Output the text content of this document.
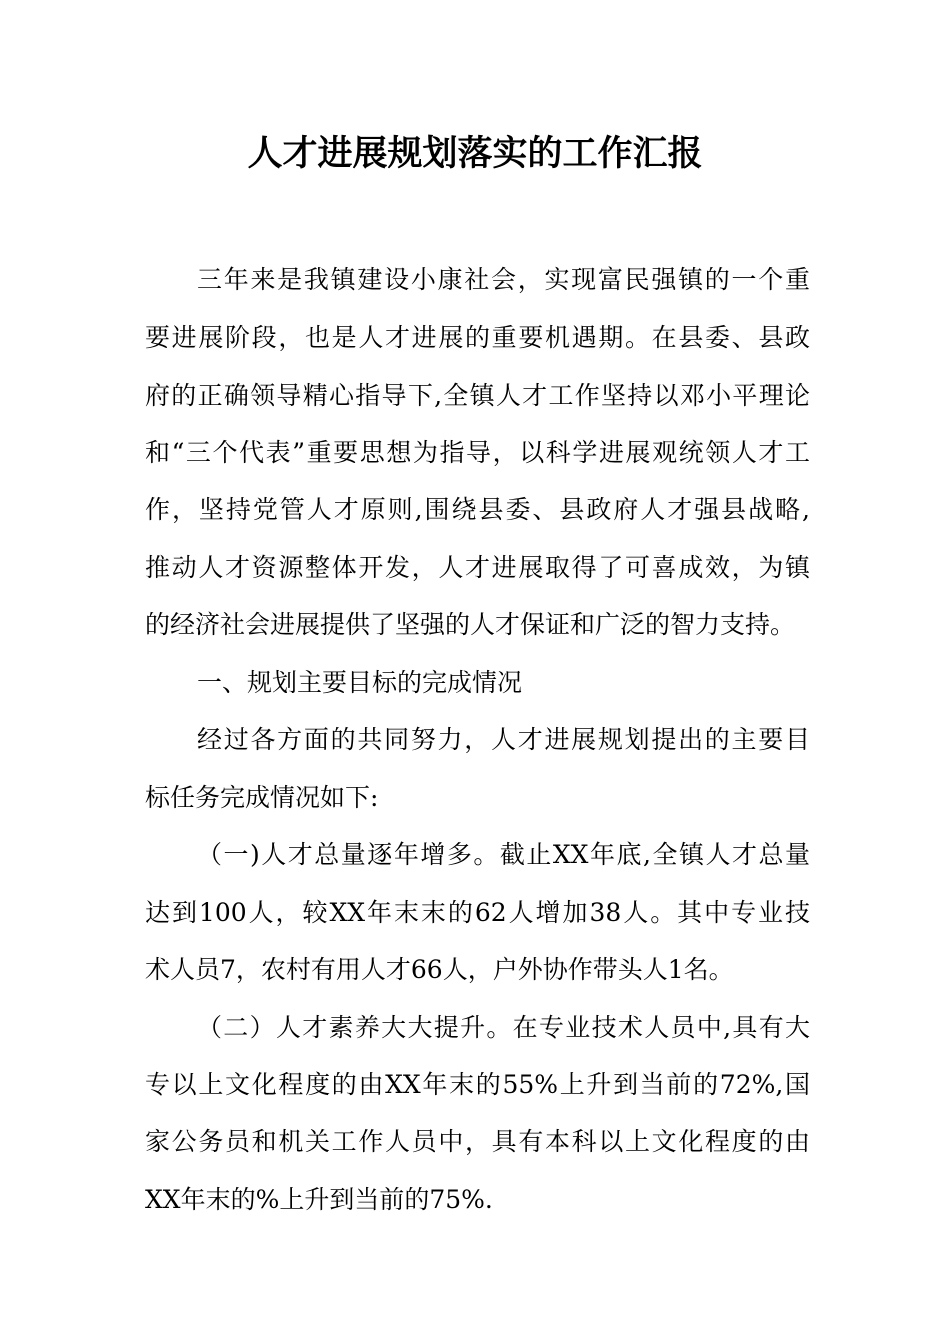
人才进展规划落实的工作汇报

三年来是我镇建设小康社会，实现富民强镇的一个重

要进展阶段，也是人才进展的重要机遇期。在县委、县政

府的正确领导精心指导下,全镇人才工作坚持以邓小平理论

和“三个代表”重要思想为指导，以科学进展观统领人才工

作，坚持党管人才原则,围绕县委、县政府人才强县战略,

推动人才资源整体开发，人才进展取得了可喜成效，为镇

的经济社会进展提供了坚强的人才保证和广泛的智力支持。

一、规划主要目标的完成情况

经过各方面的共同努力，人才进展规划提出的主要目

标任务完成情况如下:

（一)人才总量逐年增多。截止XX年底,全镇人才总量

达到100人，较XX年末末的62人增加38人。其中专业技

术人员7，农村有用人才66人，户外协作带头人1名。

（二）人才素养大大提升。在专业技术人员中,具有大

专以上文化程度的由XX年末的55%上升到当前的72%,国

家公务员和机关工作人员中，具有本科以上文化程度的由

XX年末的%上升到当前的75%.
